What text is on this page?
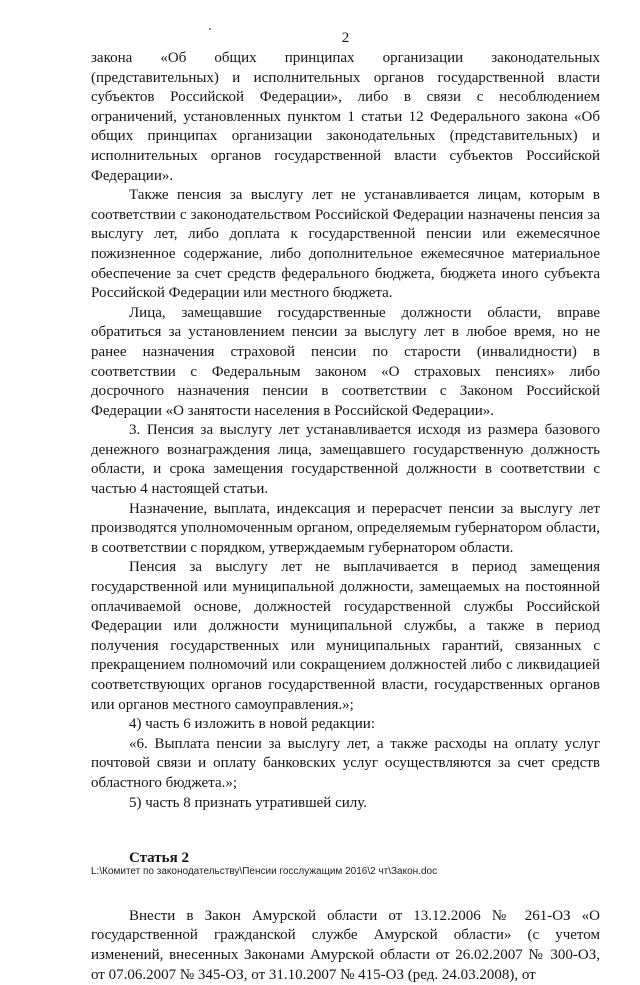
2

закона «Об общих принципах организации законодательных (представительных) и исполнительных органов государственной власти субъектов Российской Федерации», либо в связи с несоблюдением ограничений, установленных пунктом 1 статьи 12 Федерального закона «Об общих принципах организации законодательных (представительных) и исполнительных органов государственной власти субъектов Российской Федерации».

Также пенсия за выслугу лет не устанавливается лицам, которым в соответствии с законодательством Российской Федерации назначены пенсия за выслугу лет, либо доплата к государственной пенсии или ежемесячное пожизненное содержание, либо дополнительное ежемесячное материальное обеспечение за счет средств федерального бюджета, бюджета иного субъекта Российской Федерации или местного бюджета.

Лица, замещавшие государственные должности области, вправе обратиться за установлением пенсии за выслугу лет в любое время, но не ранее назначения страховой пенсии по старости (инвалидности) в соответствии с Федеральным законом «О страховых пенсиях» либо досрочного назначения пенсии в соответствии с Законом Российской Федерации «О занятости населения в Российской Федерации».

3. Пенсия за выслугу лет устанавливается исходя из размера базового денежного вознаграждения лица, замещавшего государственную должность области, и срока замещения государственной должности в соответствии с частью 4 настоящей статьи.

Назначение, выплата, индексация и перерасчет пенсии за выслугу лет производятся уполномоченным органом, определяемым губернатором области, в соответствии с порядком, утверждаемым губернатором области.

Пенсия за выслугу лет не выплачивается в период замещения государственной или муниципальной должности, замещаемых на постоянной оплачиваемой основе, должностей государственной службы Российской Федерации или должности муниципальной службы, а также в период получения государственных или муниципальных гарантий, связанных с прекращением полномочий или сокращением должностей либо с ликвидацией соответствующих органов государственной власти, государственных органов или органов местного самоуправления.»;

4) часть 6 изложить в новой редакции:

«6. Выплата пенсии за выслугу лет, а также расходы на оплату услуг почтовой связи и оплату банковских услуг осуществляются за счет средств областного бюджета.»;

5) часть 8 признать утратившей силу.

Статья 2

Внести в Закон Амурской области от 13.12.2006 № 261-ОЗ «О государственной гражданской службе Амурской области» (с учетом изменений, внесенных Законами Амурской области от 26.02.2007 № 300-ОЗ, от 07.06.2007 № 345-ОЗ, от 31.10.2007 № 415-ОЗ (ред. 24.03.2008), от

L:\Комитет по законодательству\Пенсии госслужащим 2016\2 чт\Закон.doc
